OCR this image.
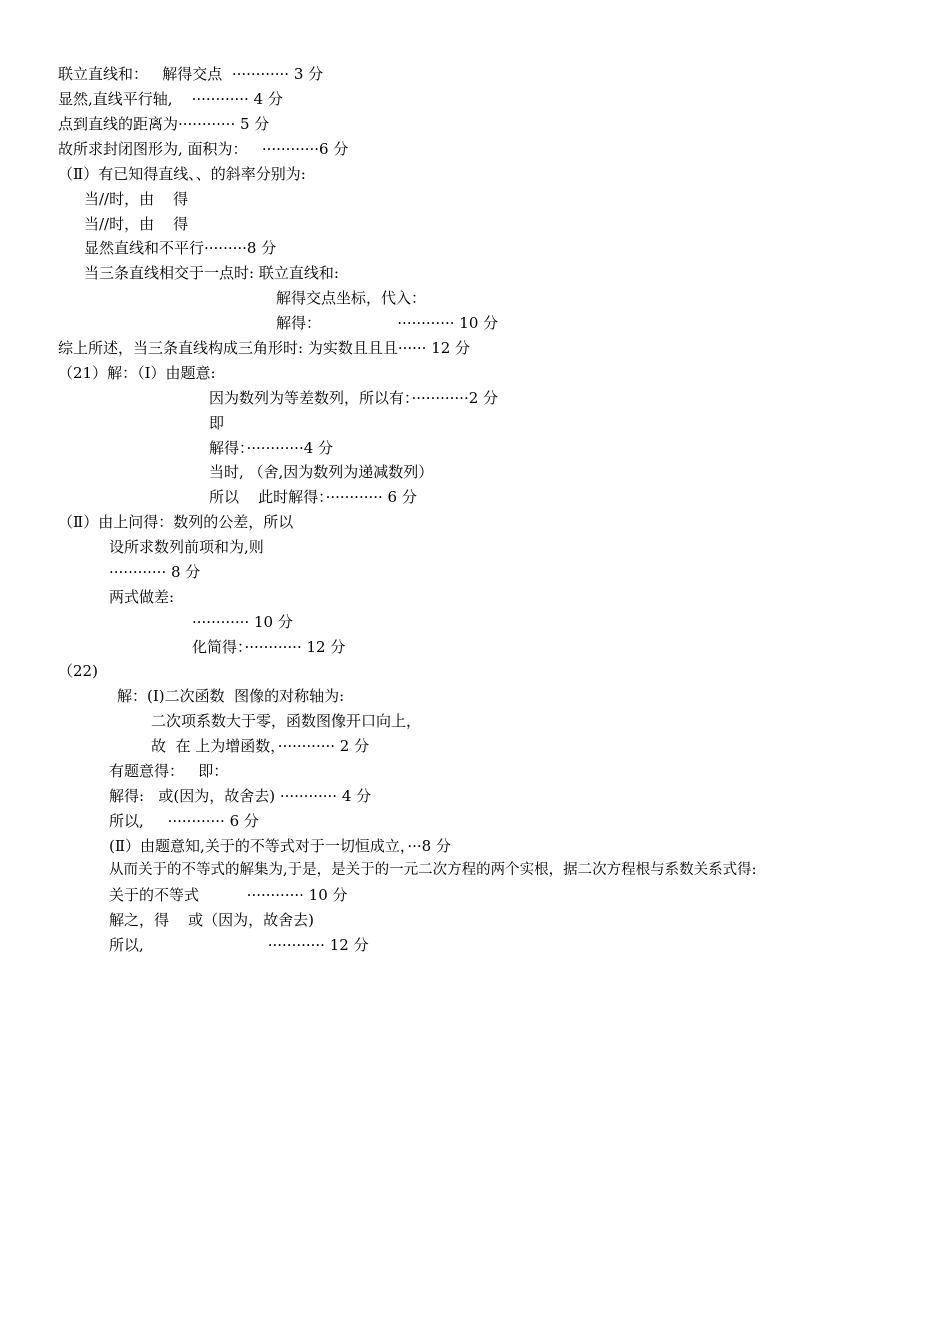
联立直线和：   解得交点  ············ 3 分
显然,直线平行轴,    ············ 4 分
点到直线的距离为············ 5 分
故所求封闭图形为, 面积为：   ············6 分
（Ⅱ）有已知得直线、、的斜率分别为:
当//时，由    得
当//时，由    得
显然直线和不平行·········8 分
当三条直线相交于一点时: 联立直线和:
解得交点坐标，代入：
解得：                ············ 10 分
综上所述，当三条直线构成三角形时: 为实数且且且······ 12 分
（21）解：（Ⅰ）由题意:
因为数列为等差数列，所以有：············2 分
即
解得：············4 分
当时, （舍,因为数列为递减数列）
所以    此时解得：············ 6 分
（Ⅱ）由上问得：数列的公差，所以
设所求数列前项和为,则
············ 8 分
两式做差:
············ 10 分
化简得：············ 12 分
（22)
解：(Ⅰ)二次函数  图像的对称轴为:
二次项系数大于零，函数图像开口向上，
故  在 上为增函数，············ 2 分
有题意得：   即：
解得:   或(因为，故舍去) ············ 4 分
所以,     ············ 6 分
(Ⅱ）由题意知,关于的不等式对于一切恒成立，···8 分
从而关于的不等式的解集为,于是，是关于的一元二次方程的两个实根，据二次方程根与系数关系式得:
关于的不等式          ············ 10 分
解之，得    或（因为，故舍去)
所以,                          ············ 12 分
